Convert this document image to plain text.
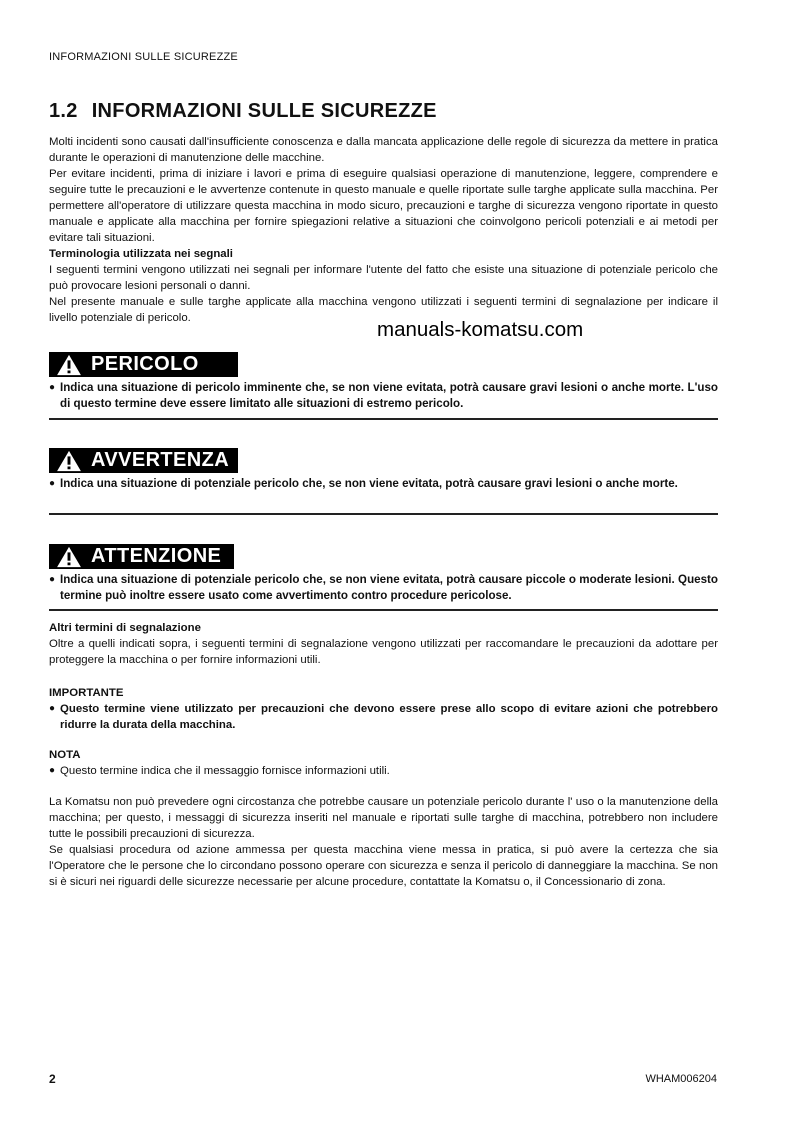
INFORMAZIONI SULLE SICUREZZE
1.2 INFORMAZIONI SULLE SICUREZZE

Molti incidenti sono causati dall'insufficiente conoscenza e dalla mancata applicazione delle regole di sicurezza da mettere in pratica durante le operazioni di manutenzione delle macchine.

Per evitare incidenti, prima di iniziare i lavori e prima di eseguire qualsiasi operazione di manutenzione, leggere, comprendere e seguire tutte le precauzioni e le avvertenze contenute in questo manuale e quelle riportate sulle targhe applicate sulla macchina. Per permettere all'operatore di utilizzare questa macchina in modo sicuro, precauzioni e targhe di sicurezza vengono riportate in questo manuale e applicate alla macchina per fornire spiegazioni relative a situazioni che coinvolgono pericoli potenziali e ai metodi per evitare tali situazioni.

Terminologia utilizzata nei segnali

I seguenti termini vengono utilizzati nei segnali per informare l'utente del fatto che esiste una situazione di potenziale pericolo che può provocare lesioni personali o danni.

Nel presente manuale e sulle targhe applicate alla macchina vengono utilizzati i seguenti termini di segnalazione per indicare il livello potenziale di pericolo.	manuals-komatsu.com
PERICOLO
● Indica una situazione di pericolo imminente che, se non viene evitata, potrà causare gravi lesioni o anche morte. L'uso di questo termine deve essere limitato alle situazioni di estremo pericolo.
AVVERTENZA
● Indica una situazione di potenziale pericolo che, se non viene evitata, potrà causare gravi lesioni o anche morte.
ATTENZIONE
● Indica una situazione di potenziale pericolo che, se non viene evitata, potrà causare piccole o moderate lesioni. Questo termine può inoltre essere usato come avvertimento contro procedure pericolose.

Altri termini di segnalazione

Oltre a quelli indicati sopra, i seguenti termini di segnalazione vengono utilizzati per raccomandare le precauzioni da adottare per proteggere la macchina o per fornire informazioni utili.

IMPORTANTE

● Questo termine viene utilizzato per precauzioni che devono essere prese allo scopo di evitare azioni che potrebbero ridurre la durata della macchina.

NOTA

● Questo termine indica che il messaggio fornisce informazioni utili.

La Komatsu non può prevedere ogni circostanza che potrebbe causare un potenziale pericolo durante l' uso o la manutenzione della macchina; per questo, i messaggi di sicurezza inseriti nel manuale e riportati sulle targhe di macchina, potrebbero non includere tutte le possibili precauzioni di sicurezza.

Se qualsiasi procedura od azione ammessa per questa macchina viene messa in pratica, si può avere la certezza che sia l'Operatore che le persone che lo circondano possono operare con sicurezza e senza il pericolo di danneggiare la macchina. Se non si è sicuri nei riguardi delle sicurezze necessarie per alcune procedure, contattate la Komatsu o, il Concessionario di zona.

2	WHAM006204
